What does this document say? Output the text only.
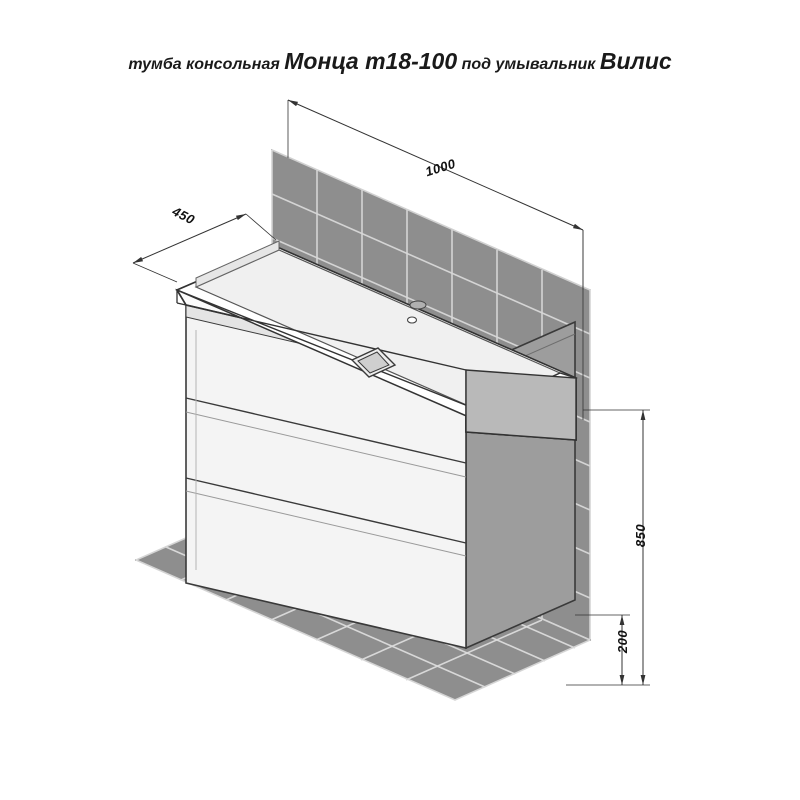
тумба консольная Монца т18-100 под умывальник Вилис
1000
450
850
200
